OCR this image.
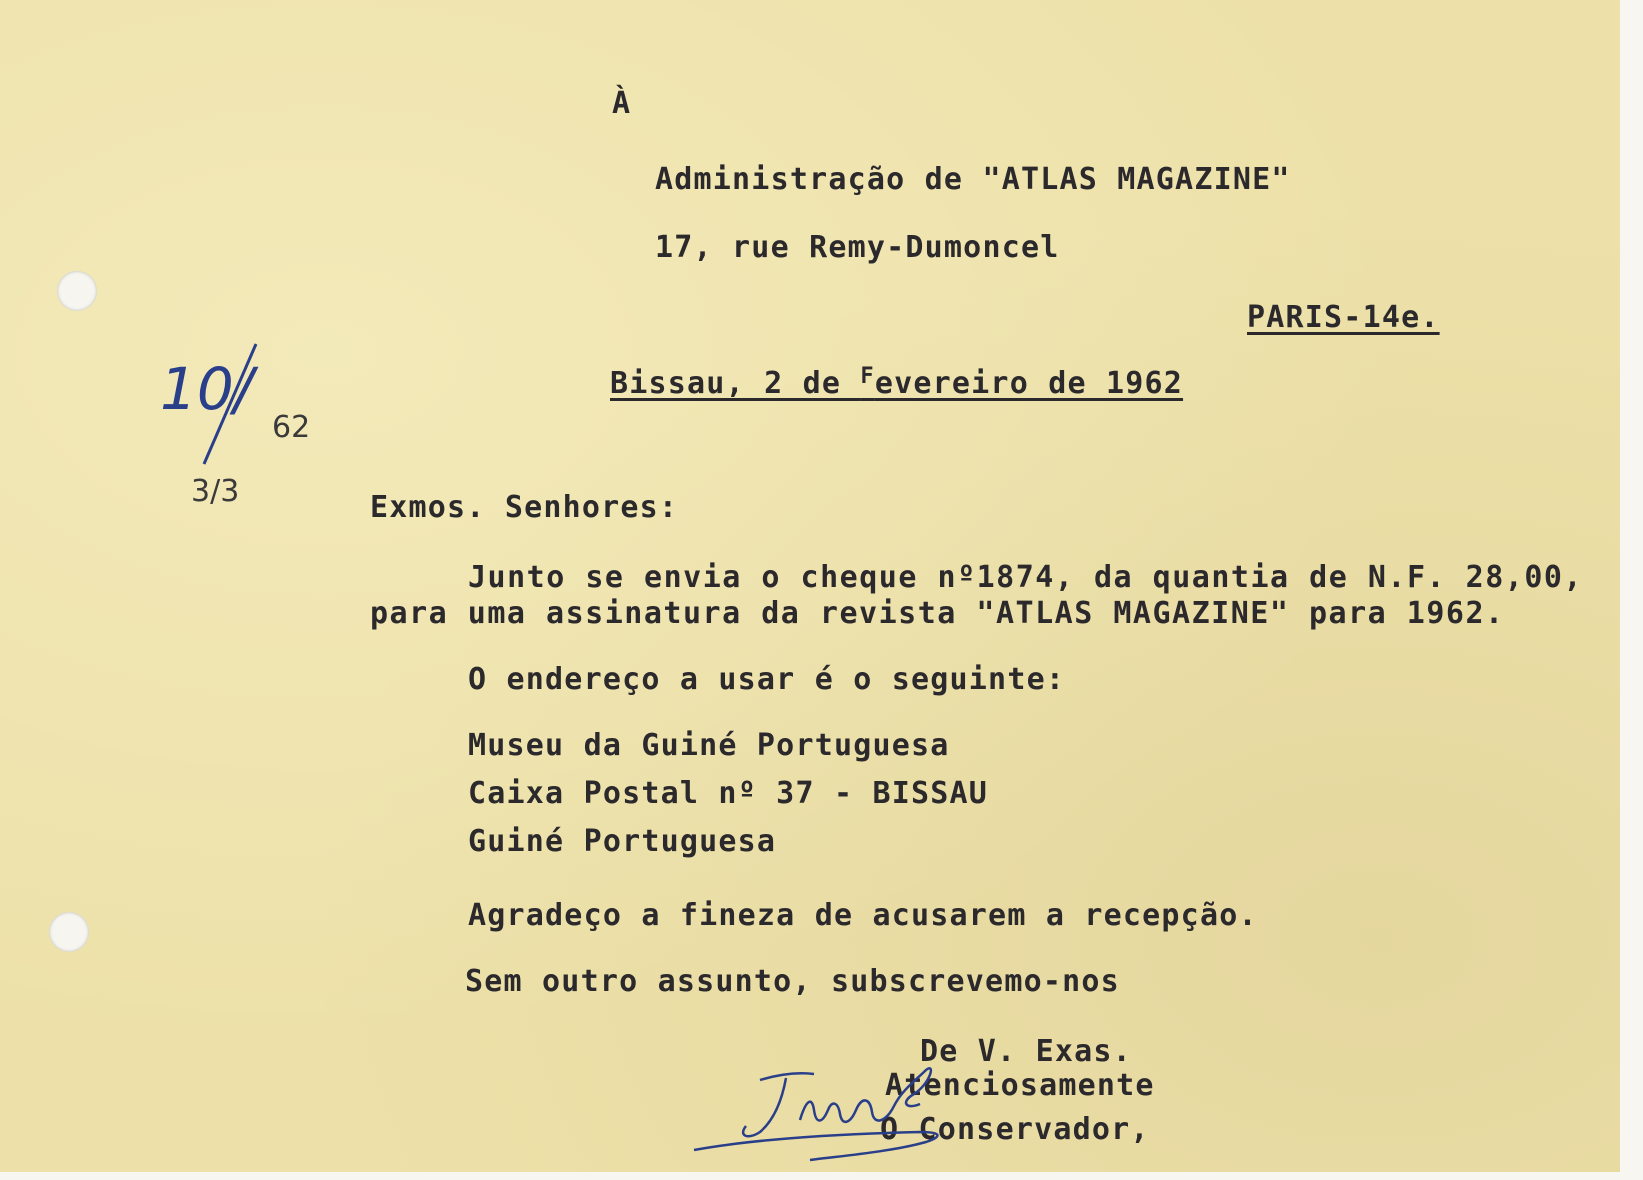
À
Administração de "ATLAS MAGAZINE"
17, rue Remy-Dumoncel
PARIS-14e.
Bissau, 2 de $^F$evereiro de 1962
10/
62
3/3	Exmos. Senhores:
Junto se envia o cheque nº1874, da quantia de N.F. 28,00,
para uma assinatura da revista "ATLAS MAGAZINE" para 1962.
O endereço a usar é o seguinte:
Museu da Guiné Portuguesa
Caixa Postal nº 37 - BISSAU
Guiné Portuguesa
Agradeço a fineza de acusarem a recepção.
Sem outro assunto, subscrevemo-nos
De V. Exas.
Atenciosamente
O Conservador,
